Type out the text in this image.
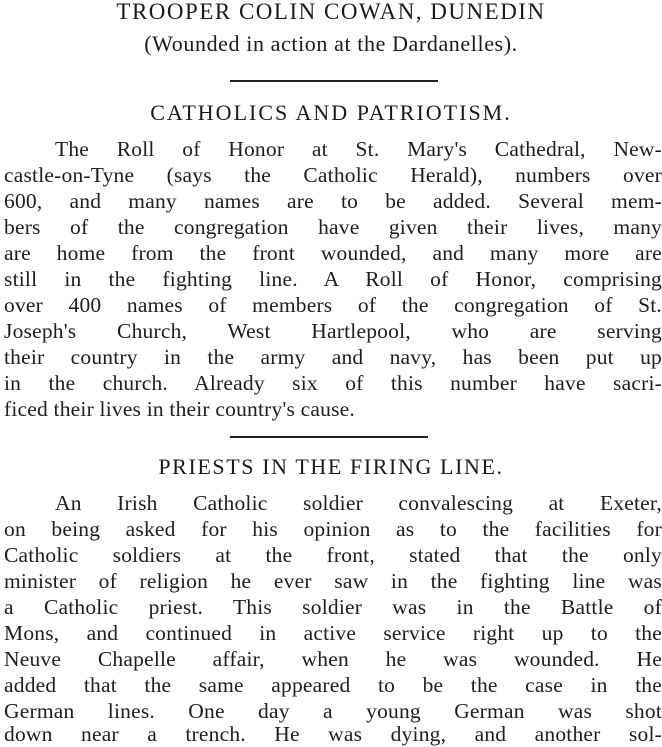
TROOPER COLIN COWAN, DUNEDIN
(Wounded in action at the Dardanelles).
CATHOLICS AND PATRIOTISM.
The Roll of Honor at St. Mary's Cathedral, New-
castle-on-Tyne (says the Catholic Herald), numbers over
600, and many names are to be added. Several mem-
bers of the congregation have given their lives, many
are home from the front wounded, and many more are
still in the fighting line. A Roll of Honor, comprising
over 400 names of members of the congregation of St.
Joseph's Church, West Hartlepool, who are serving
their country in the army and navy, has been put up
in the church. Already six of this number have sacri-
ficed their lives in their country's cause.
PRIESTS IN THE FIRING LINE.
An Irish Catholic soldier convalescing at Exeter,
on being asked for his opinion as to the facilities for
Catholic soldiers at the front, stated that the only
minister of religion he ever saw in the fighting line was
a Catholic priest. This soldier was in the Battle of
Mons, and continued in active service right up to the
Neuve Chapelle affair, when he was wounded. He
added that the same appeared to be the case in the
German lines. One day a young German was shot
down near a trench. He was dying, and another sol-
